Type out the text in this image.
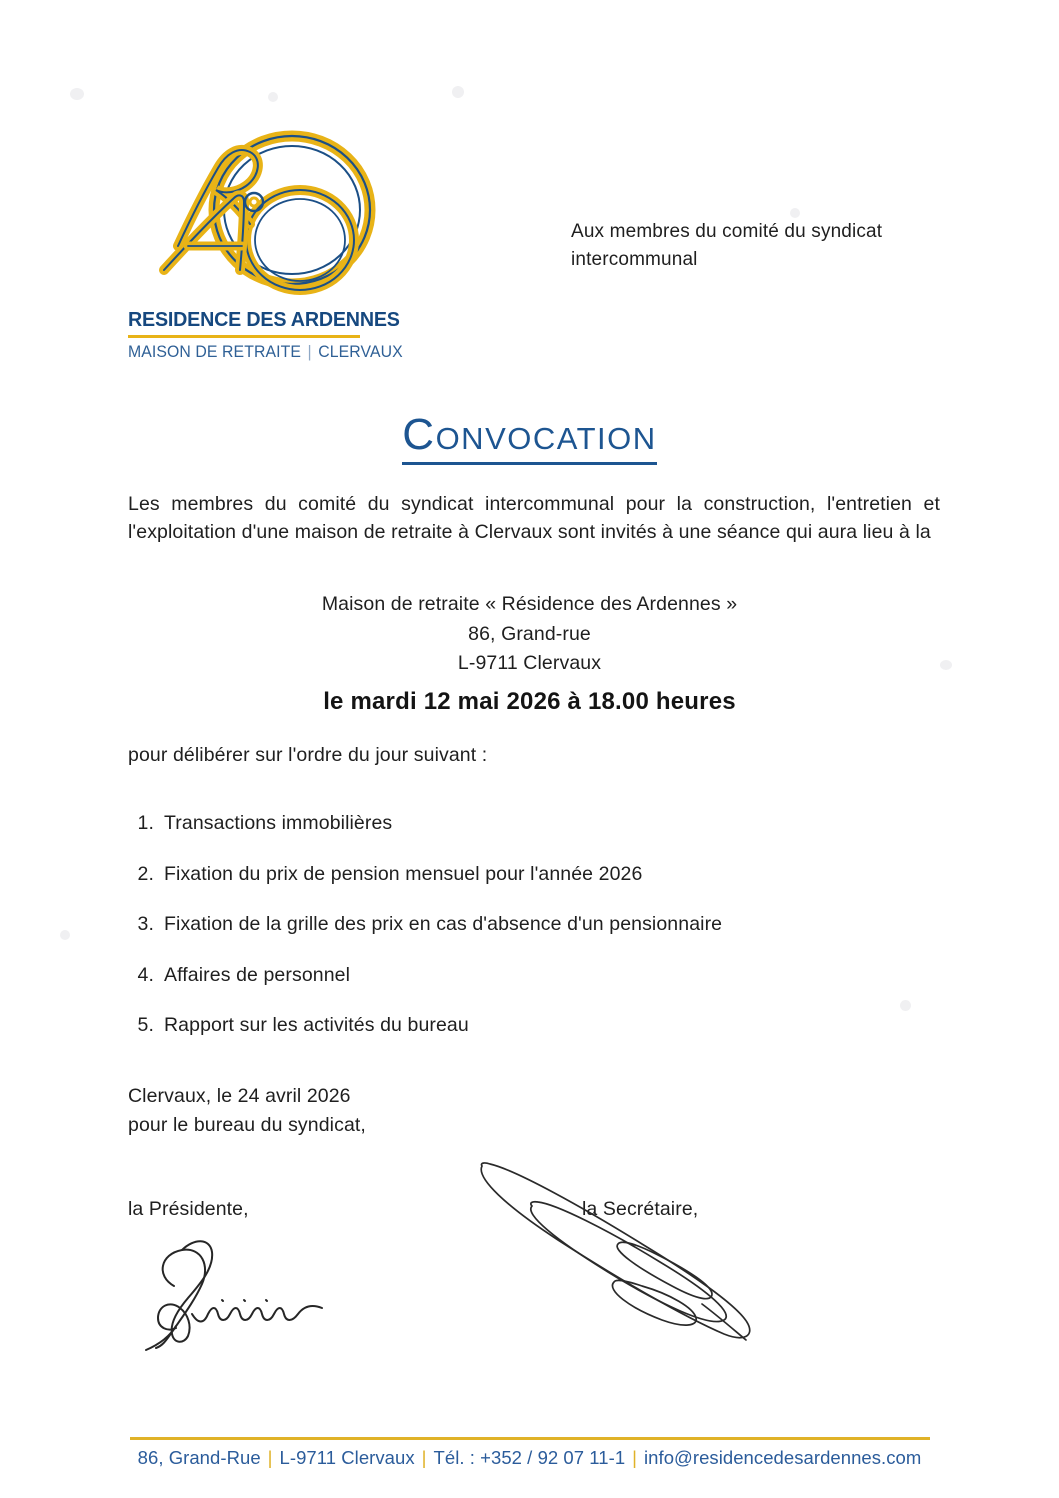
RESIDENCE DES ARDENNES
MAISON DE RETRAITE | CLERVAUX
Aux membres du comité du syndicat
intercommunal
Convocation
Les membres du comité du syndicat intercommunal pour la construction, l'entretien et l'exploitation d'une maison de retraite à Clervaux sont invités à une séance qui aura lieu à la
Maison de retraite « Résidence des Ardennes »
86, Grand-rue
L-9711 Clervaux
le mardi 12 mai 2026 à 18.00 heures
pour délibérer sur l'ordre du jour suivant :
1. Transactions immobilières
2. Fixation du prix de pension mensuel pour l'année 2026
3. Fixation de la grille des prix en cas d'absence d'un pensionnaire
4. Affaires de personnel
5. Rapport sur les activités du bureau
Clervaux, le 24 avril 2026
pour le bureau du syndicat,
la Présidente,	la Secrétaire,
86, Grand-Rue | L-9711 Clervaux | Tél. : +352 / 92 07 11-1 | info@residencedesardennes.com
